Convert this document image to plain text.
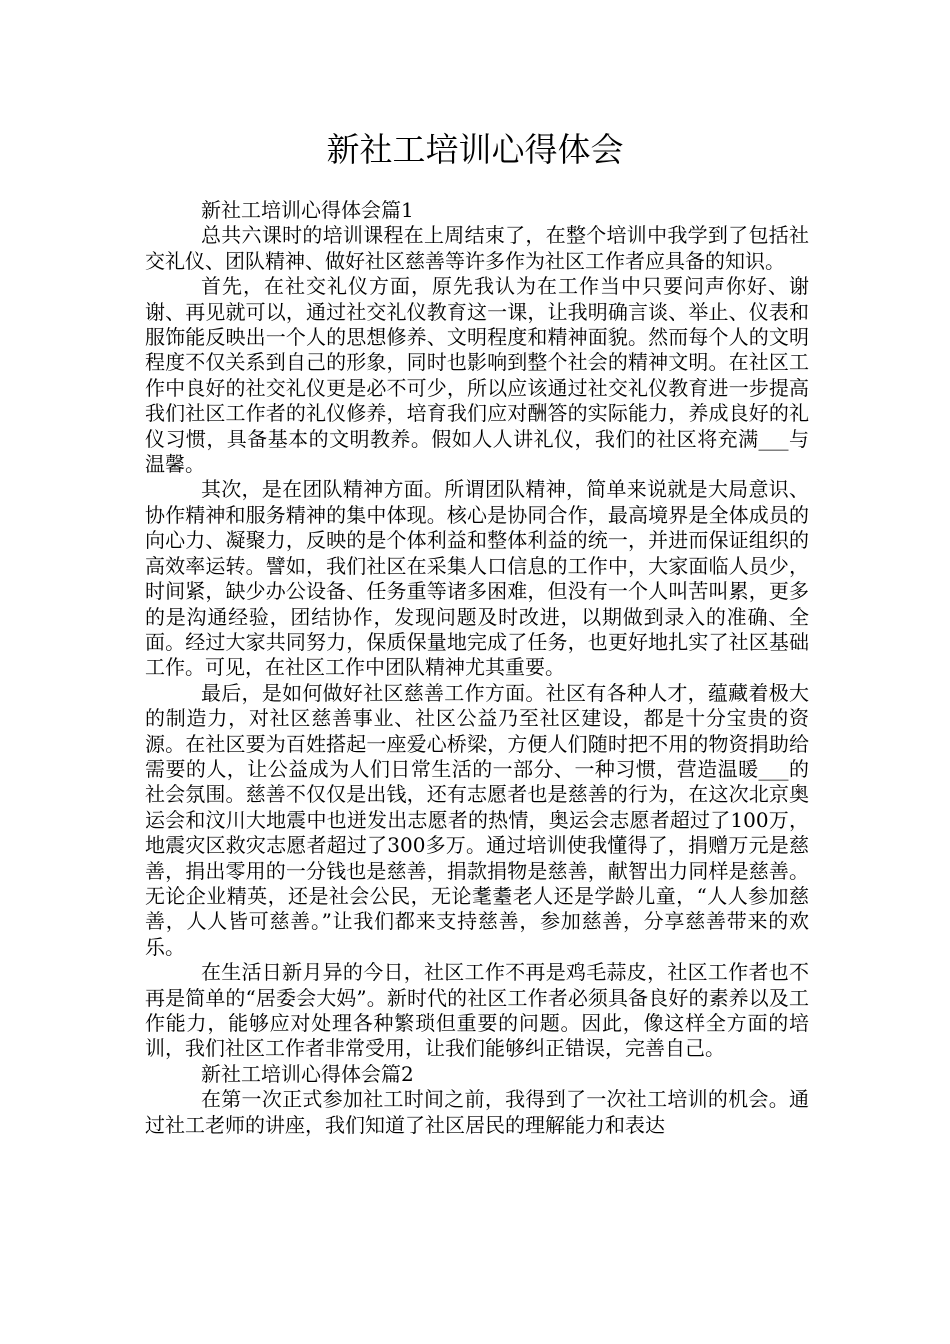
新社工培训心得体会

新社工培训心得体会篇1

总共六课时的培训课程在上周结束了，在整个培训中我学到了包括社交礼仪、团队精神、做好社区慈善等许多作为社区工作者应具备的知识。

首先，在社交礼仪方面，原先我认为在工作当中只要问声你好、谢谢、再见就可以，通过社交礼仪教育这一课，让我明确言谈、举止、仪表和服饰能反映出一个人的思想修养、文明程度和精神面貌。然而每个人的文明程度不仅关系到自己的形象，同时也影响到整个社会的精神文明。在社区工作中良好的社交礼仪更是必不可少，所以应该通过社交礼仪教育进一步提高我们社区工作者的礼仪修养，培育我们应对酬答的实际能力，养成良好的礼仪习惯，具备基本的文明教养。假如人人讲礼仪，我们的社区将充满___与温馨。

其次，是在团队精神方面。所谓团队精神，简单来说就是大局意识、协作精神和服务精神的集中体现。核心是协同合作，最高境界是全体成员的向心力、凝聚力，反映的是个体利益和整体利益的统一，并进而保证组织的高效率运转。譬如，我们社区在采集人口信息的工作中，大家面临人员少，时间紧，缺少办公设备、任务重等诸多困难，但没有一个人叫苦叫累，更多的是沟通经验，团结协作，发现问题及时改进，以期做到录入的准确、全面。经过大家共同努力，保质保量地完成了任务，也更好地扎实了社区基础工作。可见，在社区工作中团队精神尤其重要。

最后，是如何做好社区慈善工作方面。社区有各种人才，蕴藏着极大的制造力，对社区慈善事业、社区公益乃至社区建设，都是十分宝贵的资源。在社区要为百姓搭起一座爱心桥梁，方便人们随时把不用的物资捐助给需要的人，让公益成为人们日常生活的一部分、一种习惯，营造温暖___的社会氛围。慈善不仅仅是出钱，还有志愿者也是慈善的行为，在这次北京奥运会和汶川大地震中也迸发出志愿者的热情，奥运会志愿者超过了100万，地震灾区救灾志愿者超过了300多万。通过培训使我懂得了，捐赠万元是慈善，捐出零用的一分钱也是慈善，捐款捐物是慈善，献智出力同样是慈善。无论企业精英，还是社会公民，无论耄耋老人还是学龄儿童，“人人参加慈善，人人皆可慈善。”让我们都来支持慈善，参加慈善，分享慈善带来的欢乐。

在生活日新月异的今日，社区工作不再是鸡毛蒜皮，社区工作者也不再是简单的“居委会大妈”。新时代的社区工作者必须具备良好的素养以及工作能力，能够应对处理各种繁琐但重要的问题。因此，像这样全方面的培训，我们社区工作者非常受用，让我们能够纠正错误，完善自己。

新社工培训心得体会篇2

在第一次正式参加社工时间之前，我得到了一次社工培训的机会。通过社工老师的讲座，我们知道了社区居民的理解能力和表达
